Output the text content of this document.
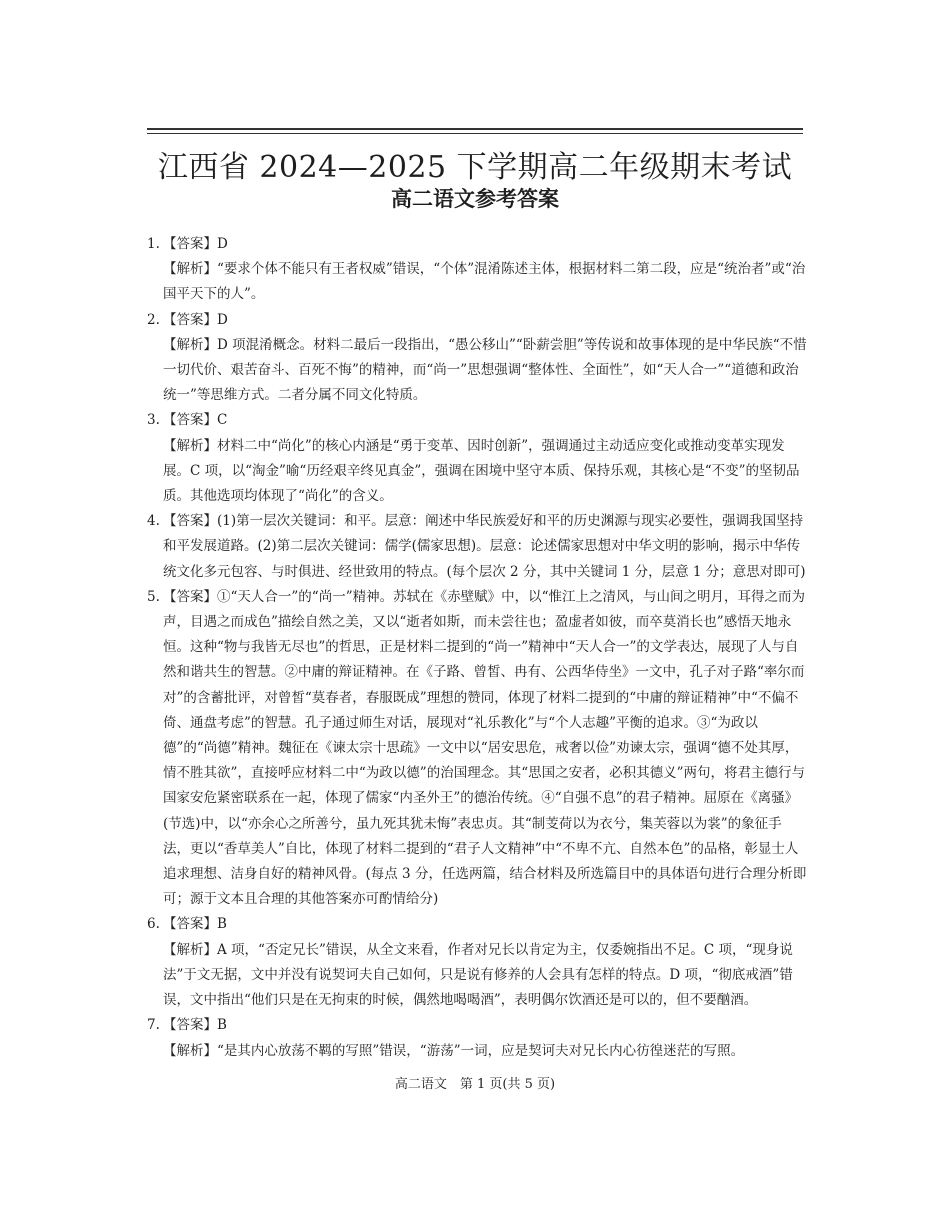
江西省 2024—2025 下学期高二年级期末考试
高二语文参考答案
1. 【答案】D
【解析】“要求个体不能只有王者权威”错误，“个体”混淆陈述主体，根据材料二第二段，应是“统治者”或“治国平天下的人”。
2. 【答案】D
【解析】D 项混淆概念。材料二最后一段指出，“愚公移山”“卧薪尝胆”等传说和故事体现的是中华民族“不惜一切代价、艰苦奋斗、百死不悔”的精神，而“尚一”思想强调“整体性、全面性”，如“天人合一”“道德和政治统一”等思维方式。二者分属不同文化特质。
3. 【答案】C
【解析】材料二中“尚化”的核心内涵是“勇于变革、因时创新”，强调通过主动适应变化或推动变革实现发展。C 项，以“淘金”喻“历经艰辛终见真金”，强调在困境中坚守本质、保持乐观，其核心是“不变”的坚韧品质。其他选项均体现了“尚化”的含义。
4. 【答案】(1)第一层次关键词：和平。层意：阐述中华民族爱好和平的历史渊源与现实必要性，强调我国坚持和平发展道路。(2)第二层次关键词：儒学(儒家思想)。层意：论述儒家思想对中华文明的影响，揭示中华传统文化多元包容、与时俱进、经世致用的特点。(每个层次 2 分，其中关键词 1 分，层意 1 分；意思对即可)
5. 【答案】①“天人合一”的“尚一”精神。苏轼在《赤壁赋》中，以“惟江上之清风，与山间之明月，耳得之而为声，目遇之而成色”描绘自然之美，又以“逝者如斯，而未尝往也；盈虚者如彼，而卒莫消长也”感悟天地永恒。这种“物与我皆无尽也”的哲思，正是材料二提到的“尚一”精神中“天人合一”的文学表达，展现了人与自然和谐共生的智慧。②中庸的辩证精神。在《子路、曾皙、冉有、公西华侍坐》一文中，孔子对子路“率尔而对”的含蓄批评，对曾皙“莫春者，春服既成”理想的赞同，体现了材料二提到的“中庸的辩证精神”中“不偏不倚、通盘考虑”的智慧。孔子通过师生对话，展现对“礼乐教化”与“个人志趣”平衡的追求。③“为政以德”的“尚德”精神。魏征在《谏太宗十思疏》一文中以“居安思危，戒奢以俭”劝谏太宗，强调“德不处其厚，情不胜其欲”，直接呼应材料二中“为政以德”的治国理念。其“思国之安者，必积其德义”两句，将君主德行与国家安危紧密联系在一起，体现了儒家“内圣外王”的德治传统。④“自强不息”的君子精神。屈原在《离骚》(节选)中，以“亦余心之所善兮，虽九死其犹未悔”表忠贞。其“制芰荷以为衣兮，集芙蓉以为裳”的象征手法，更以“香草美人”自比，体现了材料二提到的“君子人文精神”中“不卑不亢、自然本色”的品格，彰显士人追求理想、洁身自好的精神风骨。(每点 3 分，任选两篇，结合材料及所选篇目中的具体语句进行合理分析即可；源于文本且合理的其他答案亦可酌情给分)
6. 【答案】B
【解析】A 项，“否定兄长”错误，从全文来看，作者对兄长以肯定为主，仅委婉指出不足。C 项，“现身说法”于文无据，文中并没有说契诃夫自己如何，只是说有修养的人会具有怎样的特点。D 项，“彻底戒酒”错误，文中指出“他们只是在无拘束的时候，偶然地喝喝酒”，表明偶尔饮酒还是可以的，但不要酗酒。
7. 【答案】B
【解析】“是其内心放荡不羁的写照”错误，“游荡”一词，应是契诃夫对兄长内心彷徨迷茫的写照。
高二语文　第 1 页(共 5 页)
